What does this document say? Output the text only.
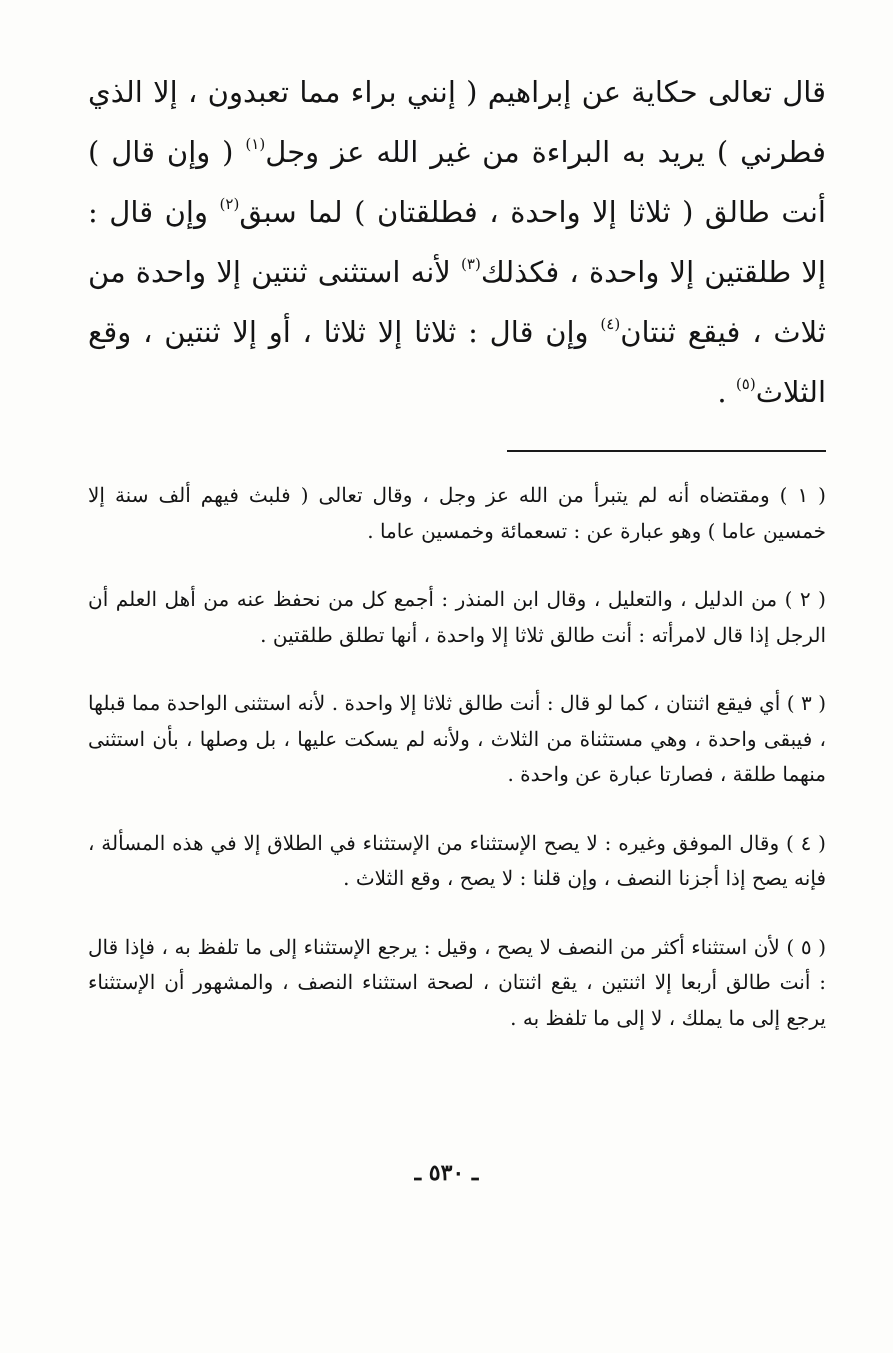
قال تعالى حكاية عن إبراهيم ( إنني براء مما تعبدون ، إلا الذي فطرني ) يريد به البراءة من غير الله عز وجل$^{(١)}$ ( وإن قال ) أنت طالق ( ثلاثا إلا واحدة ، فطلقتان ) لما سبق$^{(٢)}$ وإن قال : إلا طلقتين إلا واحدة ، فكذلك$^{(٣)}$ لأنه استثنى ثنتين إلا واحدة من ثلاث ، فيقع ثنتان$^{(٤)}$ وإن قال : ثلاثا إلا ثلاثا ، أو إلا ثنتين ، وقع الثلاث$^{(٥)}$ .

( ١ ) ومقتضاه أنه لم يتبرأ من الله عز وجل ، وقال تعالى ( فلبث فيهم ألف سنة إلا خمسين عاما ) وهو عبارة عن : تسعمائة وخمسين عاما .

( ٢ ) من الدليل ، والتعليل ، وقال ابن المنذر : أجمع كل من نحفظ عنه من أهل العلم أن الرجل إذا قال لامرأته : أنت طالق ثلاثا إلا واحدة ، أنها تطلق طلقتين .

( ٣ ) أي فيقع اثنتان ، كما لو قال : أنت طالق ثلاثا إلا واحدة . لأنه استثنى الواحدة مما قبلها ، فيبقى واحدة ، وهي مستثناة من الثلاث ، ولأنه لم يسكت عليها ، بل وصلها ، بأن استثنى منهما طلقة ، فصارتا عبارة عن واحدة .

( ٤ ) وقال الموفق وغيره : لا يصح الإستثناء من الإستثناء في الطلاق إلا في هذه المسألة ، فإنه يصح إذا أجزنا النصف ، وإن قلنا : لا يصح ، وقع الثلاث .

( ٥ ) لأن استثناء أكثر من النصف لا يصح ، وقيل : يرجع الإستثناء إلى ما تلفظ به ، فإذا قال : أنت طالق أربعا إلا اثنتين ، يقع اثنتان ، لصحة استثناء النصف ، والمشهور أن الإستثناء يرجع إلى ما يملك ، لا إلى ما تلفظ به .

ـ ٥٣٠ ـ
